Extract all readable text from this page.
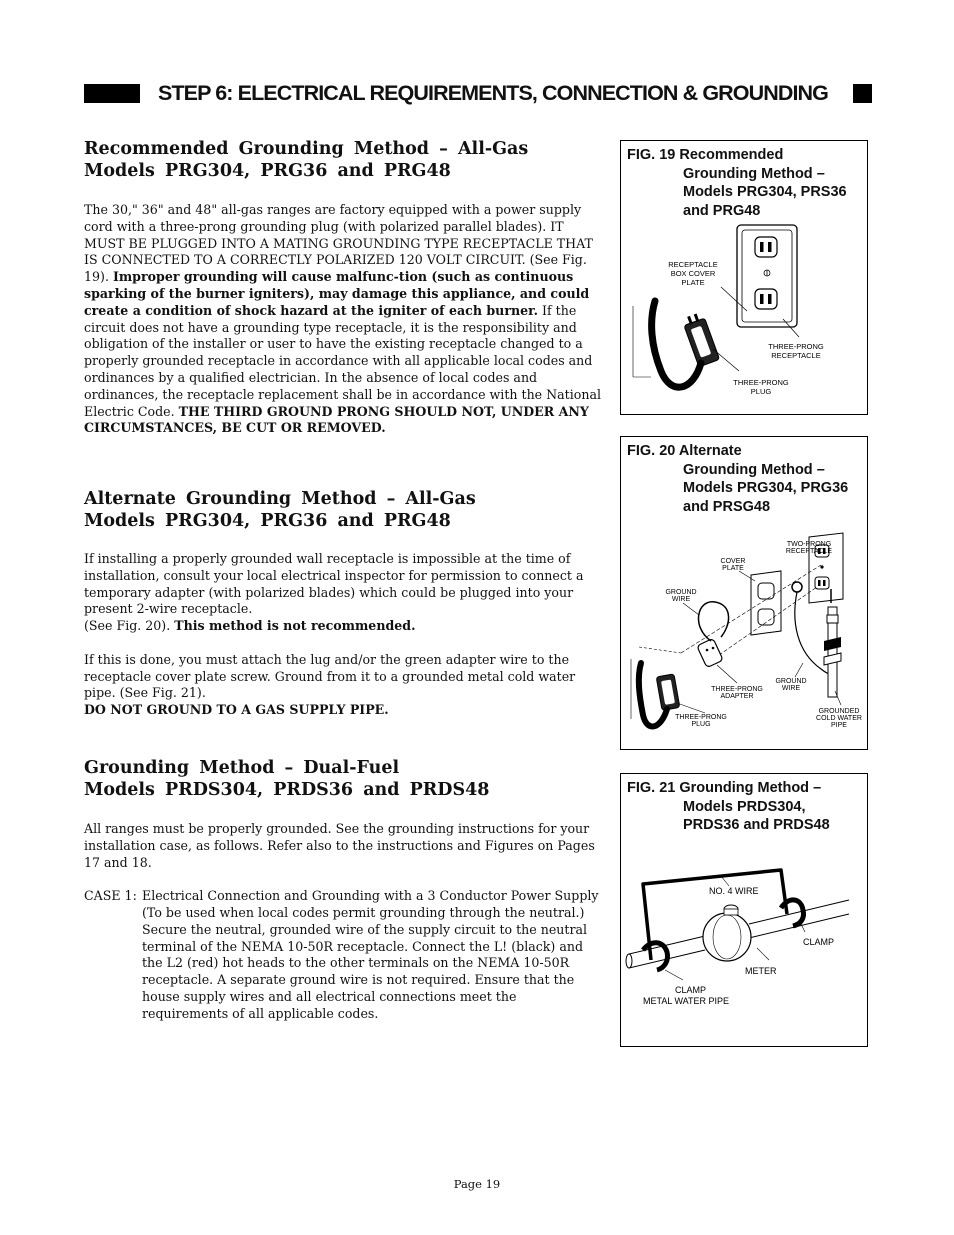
STEP 6: ELECTRICAL REQUIREMENTS, CONNECTION & GROUNDING
Recommended Grounding Method – All-Gas
Models PRG304, PRG36 and PRG48

The 30," 36" and 48" all-gas ranges are factory equipped with a power supply cord with a three-prong grounding plug (with polarized parallel blades). IT MUST BE PLUGGED INTO A MATING GROUNDING TYPE RECEPTACLE THAT IS CONNECTED TO A CORRECTLY POLARIZED 120 VOLT CIRCUIT. (See Fig. 19). Improper grounding will cause malfunc-tion (such as continuous sparking of the burner igniters), may damage this appliance, and could create a condition of shock hazard at the igniter of each burner. If the circuit does not have a grounding type receptacle, it is the responsibility and obligation of the installer or user to have the existing receptacle changed to a properly grounded receptacle in accordance with all applicable local codes and ordinances by a qualified electrician. In the absence of local codes and ordinances, the receptacle replacement shall be in accordance with the National Electric Code. THE THIRD GROUND PRONG SHOULD NOT, UNDER ANY CIRCUMSTANCES, BE CUT OR REMOVED.

Alternate Grounding Method – All-Gas
Models PRG304, PRG36 and PRG48

If installing a properly grounded wall receptacle is impossible at the time of installation, consult your local electrical inspector for permission to connect a temporary adapter (with polarized blades) which could be plugged into your present 2-wire receptacle.
(See Fig. 20). This method is not recommended.

If this is done, you must attach the lug and/or the green adapter wire to the receptacle cover plate screw. Ground from it to a grounded metal cold water pipe. (See Fig. 21).
DO NOT GROUND TO A GAS SUPPLY PIPE.

Grounding Method – Dual-Fuel
Models PRDS304, PRDS36 and PRDS48

All ranges must be properly grounded. See the grounding instructions for your installation case, as follows. Refer also to the instructions and Figures on Pages 17 and 18.

CASE 1: Electrical Connection and Grounding with a 3 Conductor Power Supply (To be used when local codes permit grounding through the neutral.) Secure the neutral, grounded wire of the supply circuit to the neutral terminal of the NEMA 10-50R receptacle. Connect the L! (black) and the L2 (red) hot heads to the other terminals on the NEMA 10-50R receptacle. A separate ground wire is not required. Ensure that the house supply wires and all electrical connections meet the requirements of all applicable codes.
RECEPTACLE
BOX COVER
PLATE
THREE-PRONG
RECEPTACLE
THREE-PRONG
PLUG
FIG. 19 Recommended
Grounding Method –
Models PRG304, PRS36
and PRG48
TWO-PRONG
RECEPTACLE
COVER
PLATE
GROUND
WIRE
THREE-PRONG
ADAPTER
GROUND
WIRE
GROUNDED
COLD WATER
PIPE
THREE-PRONG
PLUG
FIG. 20 Alternate
Grounding Method –
Models PRG304, PRG36
and PRSG48
NO. 4 WIRE
CLAMP
METER
CLAMP
METAL WATER PIPE
FIG. 21 Grounding Method –
Models PRDS304,
PRDS36 and PRDS48
Page 19
